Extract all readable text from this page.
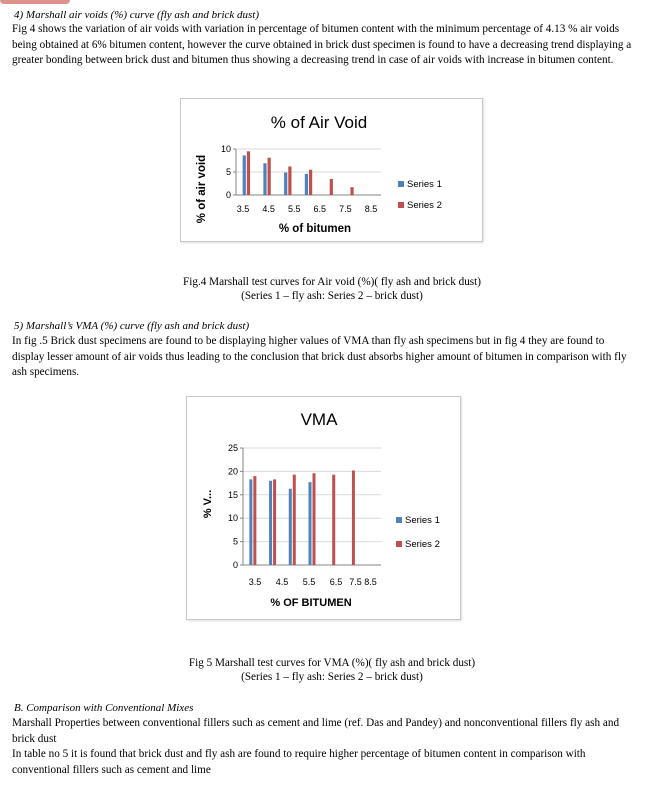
4) Marshall air voids (%) curve (fly ash and brick dust)
Fig 4 shows the variation of air voids with variation in percentage of bitumen content with the minimum percentage of 4.13 % air voids being obtained at 6% bitumen content, however the curve obtained in brick dust specimen is found to have a decreasing trend displaying a greater bonding between brick dust and bitumen thus showing a decreasing trend in case of air voids with increase in bitumen content.
% of Air Void
0
5
10
3.5 4.5 5.5 6.5 7.5 8.5
% of bitumen
% of air void	Series 1
Series 2
Fig.4 Marshall test curves for Air void (%)( fly ash and brick dust)
(Series 1 – fly ash: Series 2 – brick dust)
5) Marshall’s VMA (%) curve (fly ash and brick dust)
In fig .5 Brick dust specimens are found to be displaying higher values of VMA than fly ash specimens but in fig 4 they are found to display lesser amount of air voids thus leading to the conclusion that brick dust absorbs higher amount of bitumen in comparison with fly ash specimens.
VMA
0
5
10
15
20
25
3.5 4.5 5.5 6.5 7.5 8.5
% OF BITUMEN
% V...
Series 1
Series 2
Fig 5 Marshall test curves for VMA (%)( fly ash and brick dust)
(Series 1 – fly ash: Series 2 – brick dust)
B. Comparison with Conventional Mixes
Marshall Properties between conventional fillers such as cement and lime (ref. Das and Pandey) and nonconventional fillers fly ash and brick dust
In table no 5 it is found that brick dust and fly ash are found to require higher percentage of bitumen content in comparison with conventional fillers such as cement and lime
